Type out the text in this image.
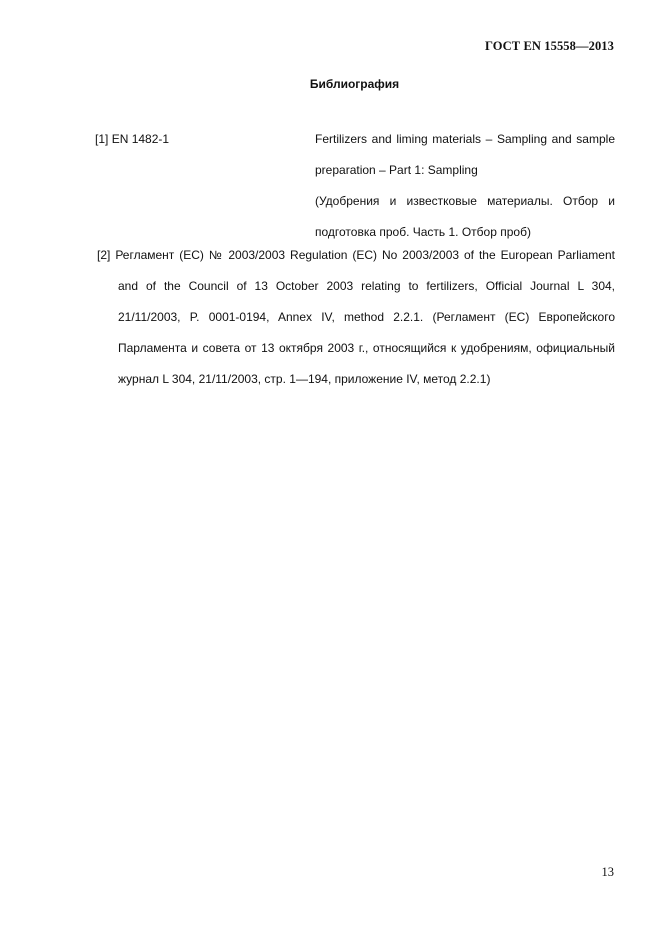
ГОСТ EN 15558—2013
Библиография
[1] EN 1482-1	Fertilizers and liming materials – Sampling and sample preparation – Part 1: Sampling
(Удобрения и известковые материалы. Отбор и подготовка проб. Часть 1. Отбор проб)
[2] Регламент (ЕС) № 2003/2003 Regulation (EC) No 2003/2003 of the European Parliament and of the Council of 13 October 2003 relating to fertilizers, Official Journal L 304, 21/11/2003, P. 0001-0194, Annex IV, method 2.2.1. (Регламент (ЕС) Европейского Парламента и совета от 13 октября 2003 г., относящийся к удобрениям, официальный журнал L 304, 21/11/2003, стр. 1—194, приложение IV, метод 2.2.1)
13
